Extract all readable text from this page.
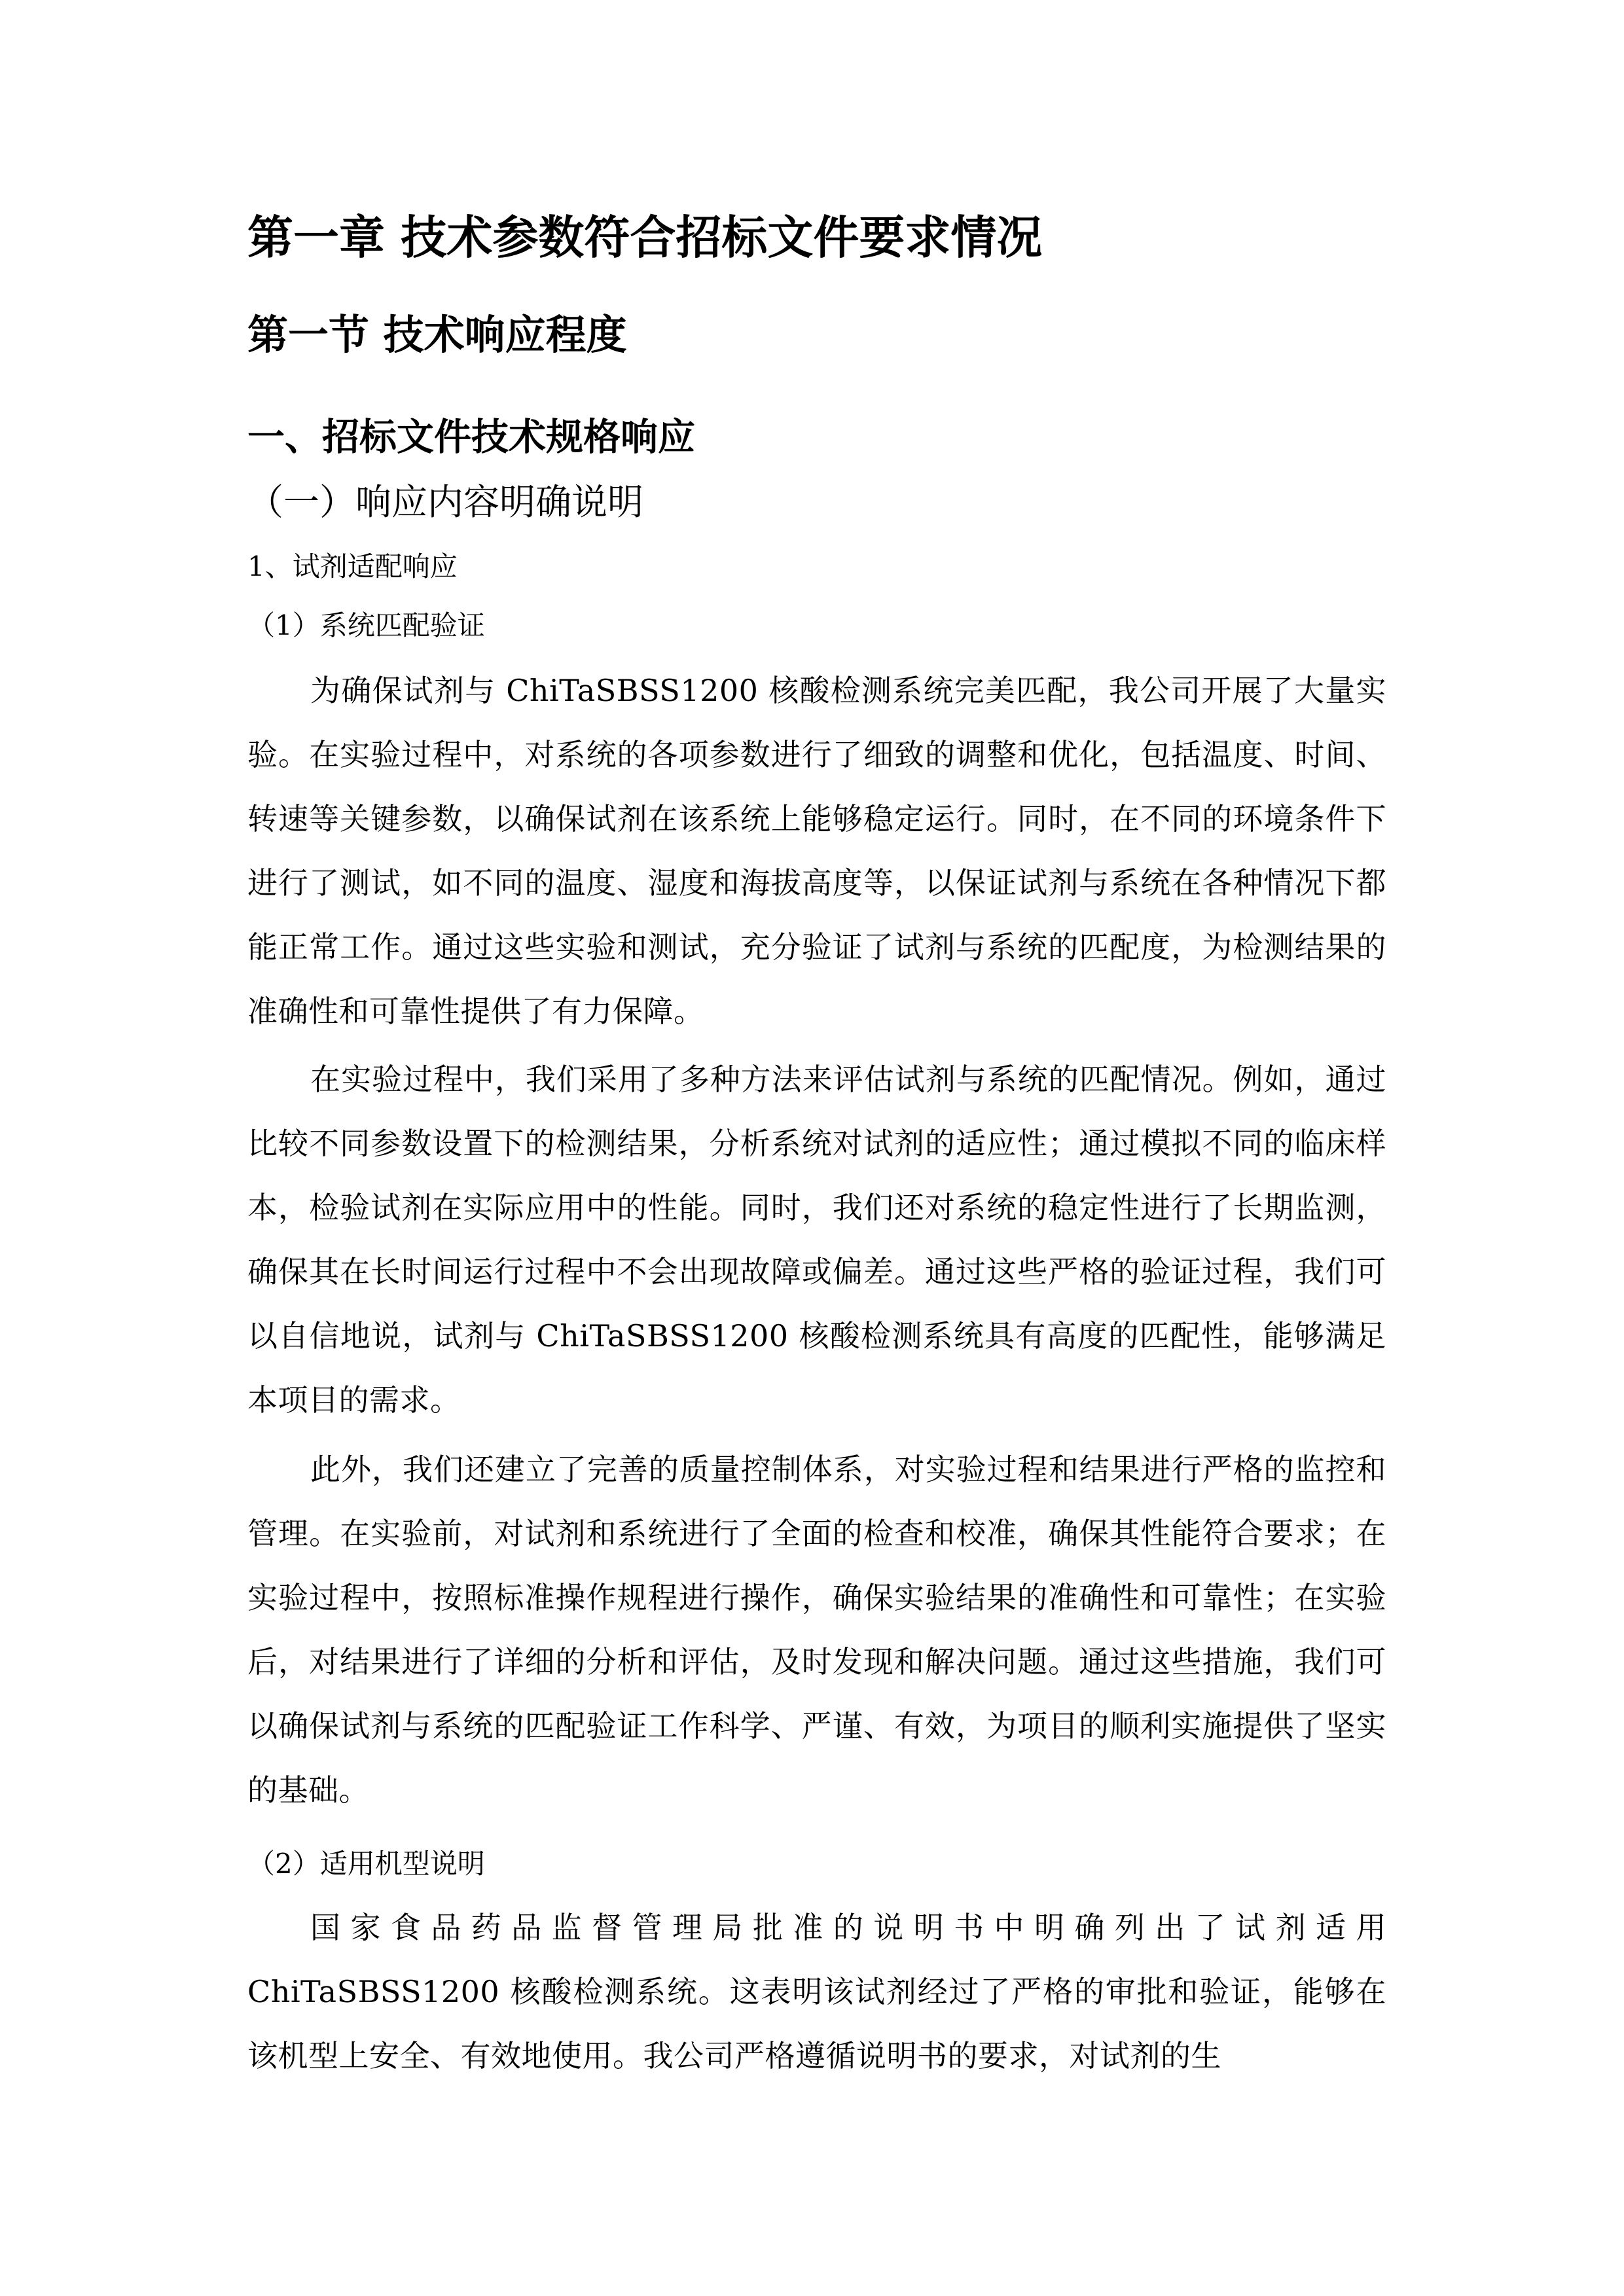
第一章 技术参数符合招标文件要求情况
第一节 技术响应程度
一、招标文件技术规格响应
（一）响应内容明确说明
1、试剂适配响应
（1）系统匹配验证

为确保试剂与 ChiTaSBSS1200 核酸检测系统完美匹配，我公司开展了大量实验。在实验过程中，对系统的各项参数进行了细致的调整和优化，包括温度、时间、转速等关键参数，以确保试剂在该系统上能够稳定运行。同时，在不同的环境条件下进行了测试，如不同的温度、湿度和海拔高度等，以保证试剂与系统在各种情况下都能正常工作。通过这些实验和测试，充分验证了试剂与系统的匹配度，为检测结果的准确性和可靠性提供了有力保障。

在实验过程中，我们采用了多种方法来评估试剂与系统的匹配情况。例如，通过比较不同参数设置下的检测结果，分析系统对试剂的适应性；通过模拟不同的临床样本，检验试剂在实际应用中的性能。同时，我们还对系统的稳定性进行了长期监测，确保其在长时间运行过程中不会出现故障或偏差。通过这些严格的验证过程，我们可以自信地说，试剂与 ChiTaSBSS1200 核酸检测系统具有高度的匹配性，能够满足本项目的需求。

此外，我们还建立了完善的质量控制体系，对实验过程和结果进行严格的监控和管理。在实验前，对试剂和系统进行了全面的检查和校准，确保其性能符合要求；在实验过程中，按照标准操作规程进行操作，确保实验结果的准确性和可靠性；在实验后，对结果进行了详细的分析和评估，及时发现和解决问题。通过这些措施，我们可以确保试剂与系统的匹配验证工作科学、严谨、有效，为项目的顺利实施提供了坚实的基础。

（2）适用机型说明

国家食品药品监督管理局批准的说明书中明确列出了试剂适用 ChiTaSBSS1200 核酸检测系统。这表明该试剂经过了严格的审批和验证，能够在该机型上安全、有效地使用。我公司严格遵循说明书的要求，对试剂的生
